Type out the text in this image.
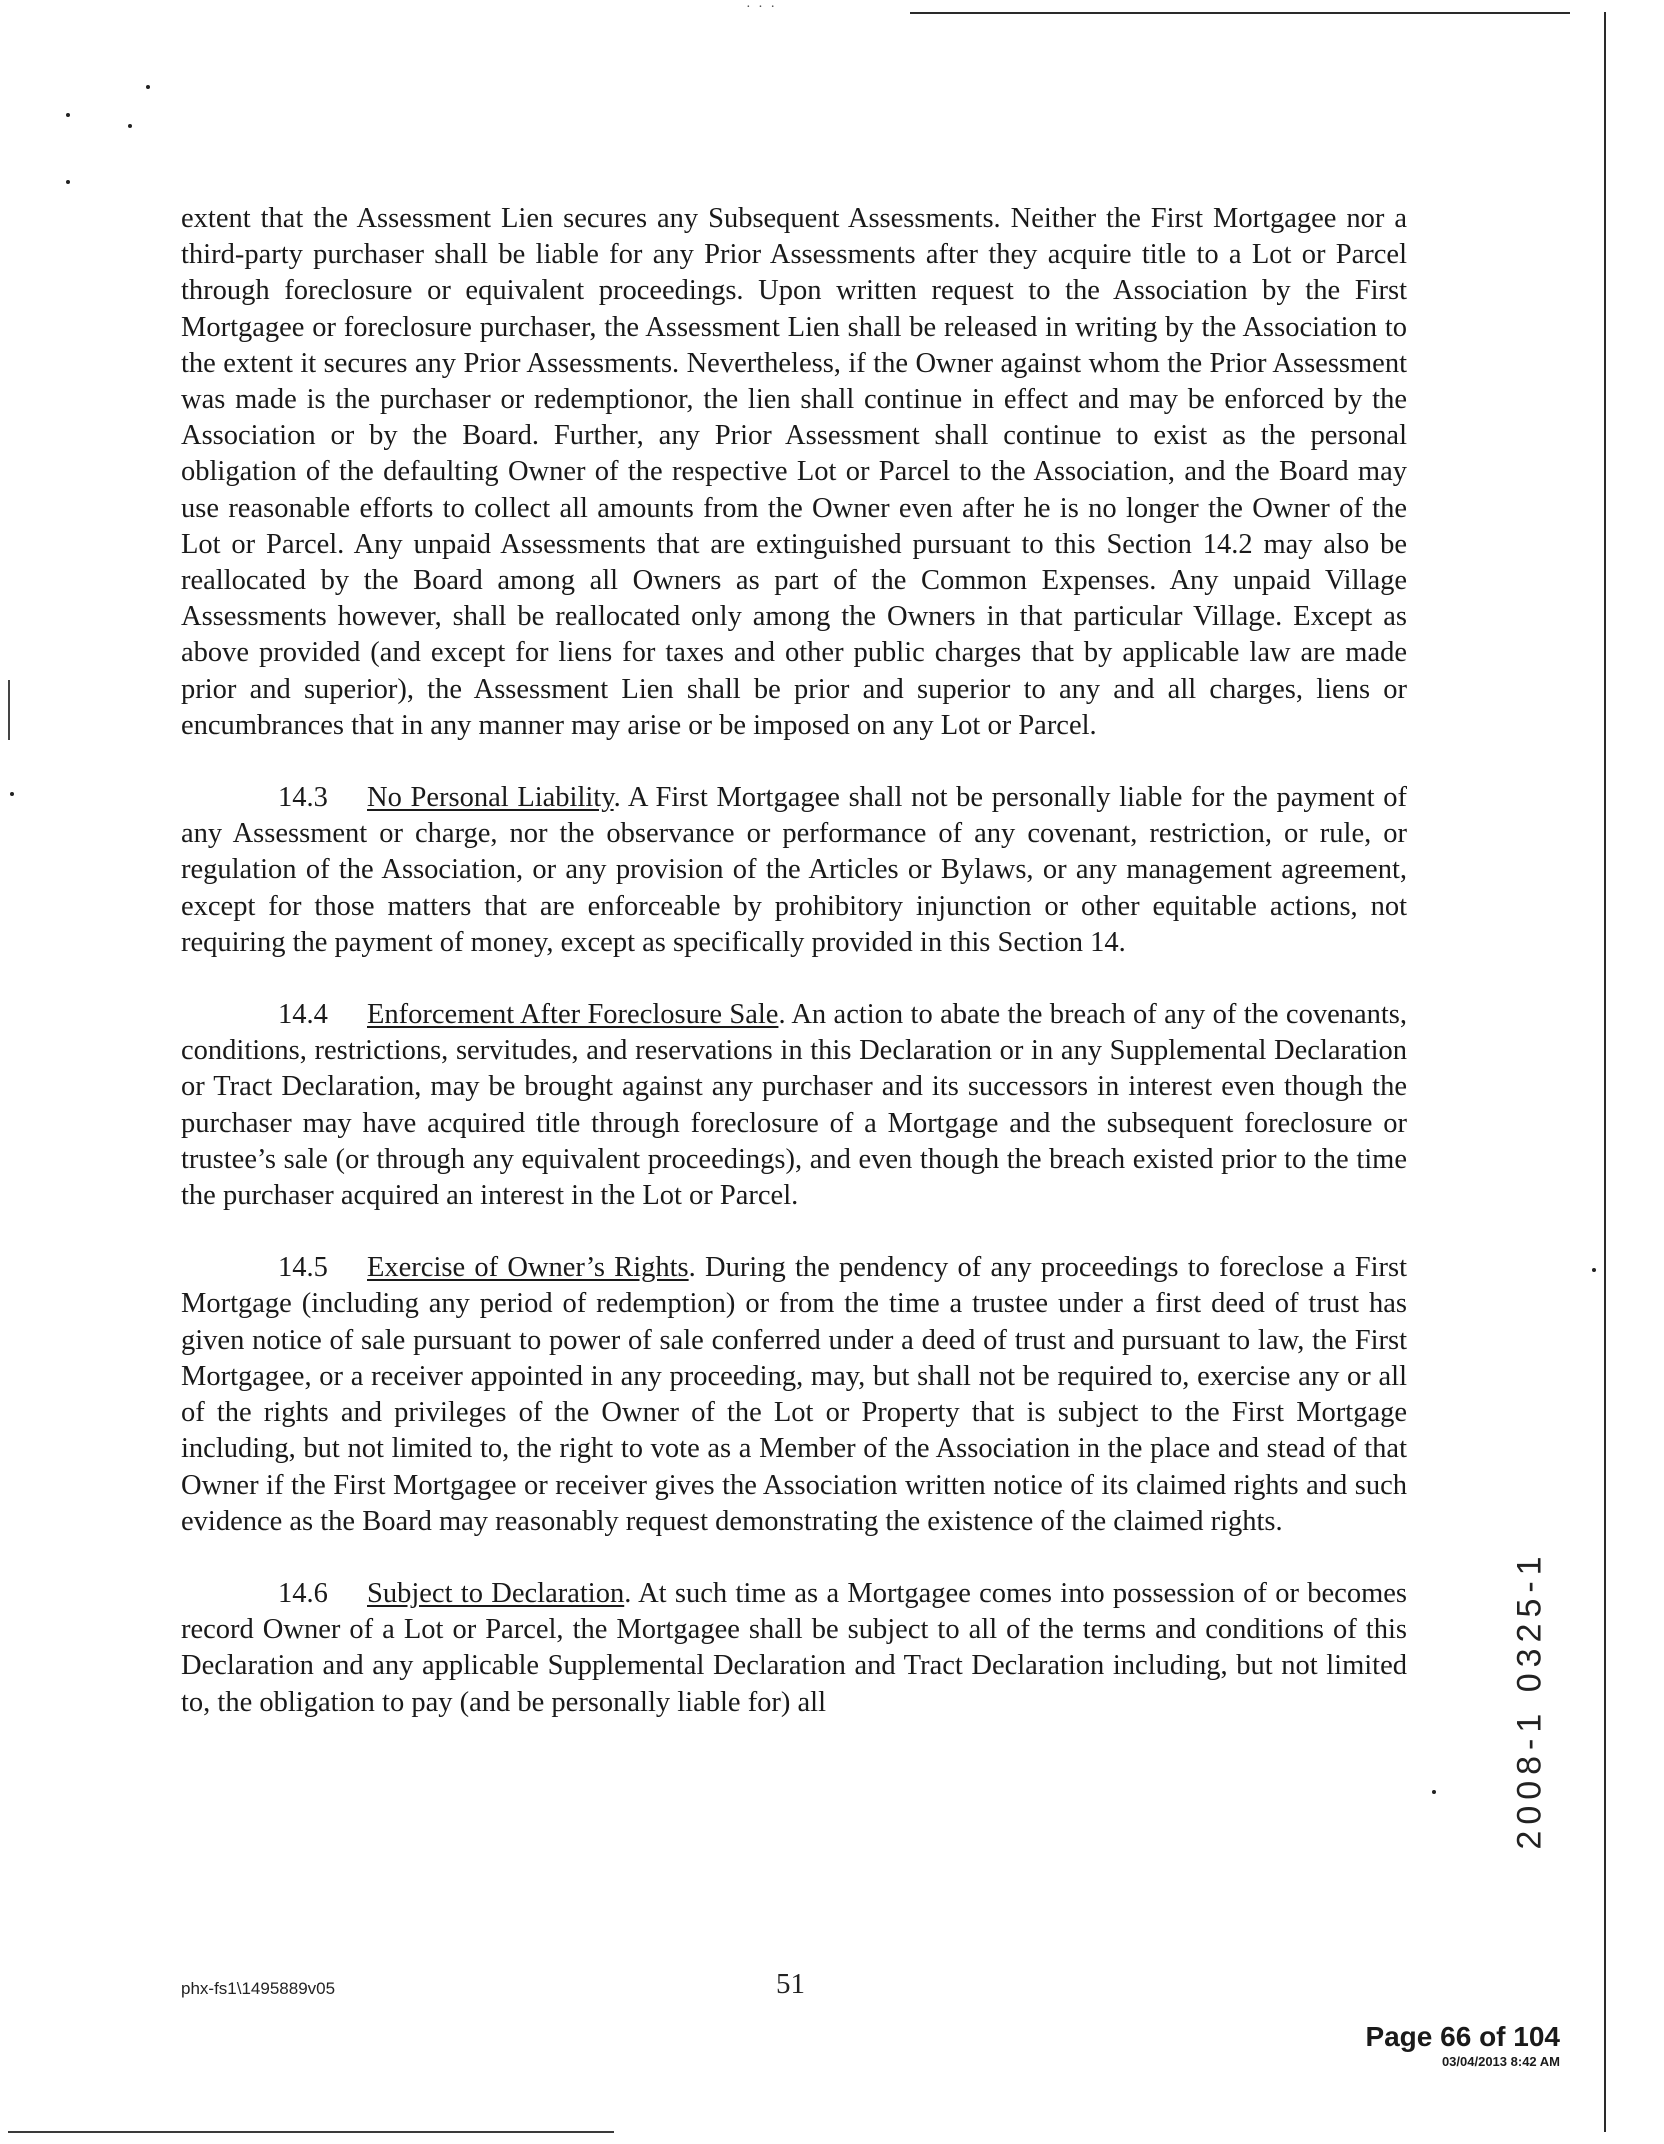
· · ·

extent that the Assessment Lien secures any Subsequent Assessments. Neither the First Mortgagee nor a third-party purchaser shall be liable for any Prior Assessments after they acquire title to a Lot or Parcel through foreclosure or equivalent proceedings. Upon written request to the Association by the First Mortgagee or foreclosure purchaser, the Assessment Lien shall be released in writing by the Association to the extent it secures any Prior Assessments. Nevertheless, if the Owner against whom the Prior Assessment was made is the purchaser or redemptionor, the lien shall continue in effect and may be enforced by the Association or by the Board. Further, any Prior Assessment shall continue to exist as the personal obligation of the defaulting Owner of the respective Lot or Parcel to the Association, and the Board may use reasonable efforts to collect all amounts from the Owner even after he is no longer the Owner of the Lot or Parcel. Any unpaid Assessments that are extinguished pursuant to this Section 14.2 may also be reallocated by the Board among all Owners as part of the Common Expenses. Any unpaid Village Assessments however, shall be reallocated only among the Owners in that particular Village. Except as above provided (and except for liens for taxes and other public charges that by applicable law are made prior and superior), the Assessment Lien shall be prior and superior to any and all charges, liens or encumbrances that in any manner may arise or be imposed on any Lot or Parcel.

14.3 No Personal Liability. A First Mortgagee shall not be personally liable for the payment of any Assessment or charge, nor the observance or performance of any covenant, restriction, or rule, or regulation of the Association, or any provision of the Articles or Bylaws, or any management agreement, except for those matters that are enforceable by prohibitory injunction or other equitable actions, not requiring the payment of money, except as specifically provided in this Section 14.

14.4 Enforcement After Foreclosure Sale. An action to abate the breach of any of the covenants, conditions, restrictions, servitudes, and reservations in this Declaration or in any Supplemental Declaration or Tract Declaration, may be brought against any purchaser and its successors in interest even though the purchaser may have acquired title through foreclosure of a Mortgage and the subsequent foreclosure or trustee’s sale (or through any equivalent proceedings), and even though the breach existed prior to the time the purchaser acquired an interest in the Lot or Parcel.

14.5 Exercise of Owner’s Rights. During the pendency of any proceedings to foreclose a First Mortgage (including any period of redemption) or from the time a trustee under a first deed of trust has given notice of sale pursuant to power of sale conferred under a deed of trust and pursuant to law, the First Mortgagee, or a receiver appointed in any proceeding, may, but shall not be required to, exercise any or all of the rights and privileges of the Owner of the Lot or Property that is subject to the First Mortgage including, but not limited to, the right to vote as a Member of the Association in the place and stead of that Owner if the First Mortgagee or receiver gives the Association written notice of its claimed rights and such evidence as the Board may reasonably request demonstrating the existence of the claimed rights.

14.6 Subject to Declaration. At such time as a Mortgagee comes into possession of or becomes record Owner of a Lot or Parcel, the Mortgagee shall be subject to all of the terms and conditions of this Declaration and any applicable Supplemental Declaration and Tract Declaration including, but not limited to, the obligation to pay (and be personally liable for) all	2008-1 0325-1
phx-fs1\1495889v05	51
Page 66 of 104
03/04/2013 8:42 AM
